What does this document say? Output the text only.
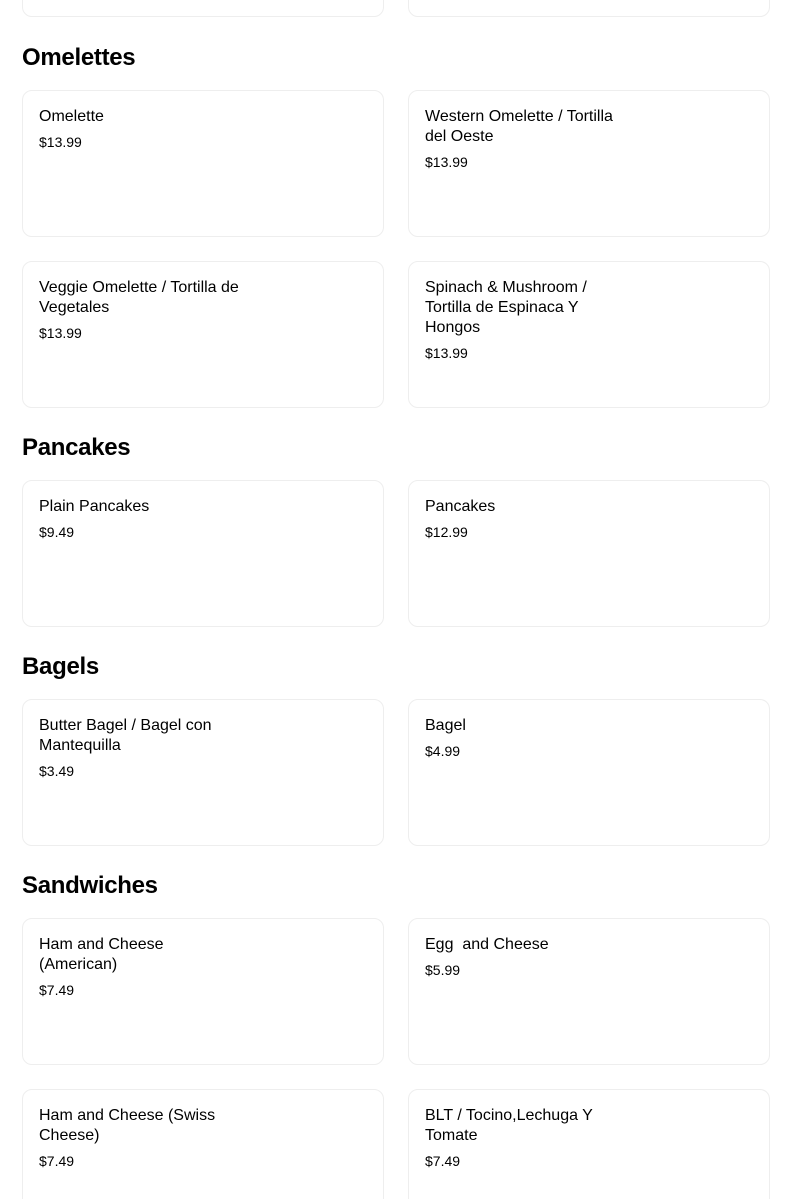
Omelettes
Omelette
$13.99
Western Omelette / Tortilla del Oeste
$13.99
Veggie Omelette / Tortilla de Vegetales
$13.99
Spinach & Mushroom / Tortilla de Espinaca Y Hongos
$13.99
Pancakes
Plain Pancakes
$9.49
Pancakes
$12.99
Bagels
Butter Bagel / Bagel con Mantequilla
$3.49
Bagel
$4.99
Sandwiches
Ham and Cheese (American)
$7.49
Egg  and Cheese
$5.99
Ham and Cheese (Swiss Cheese)
$7.49
BLT / Tocino,Lechuga Y Tomate
$7.49
